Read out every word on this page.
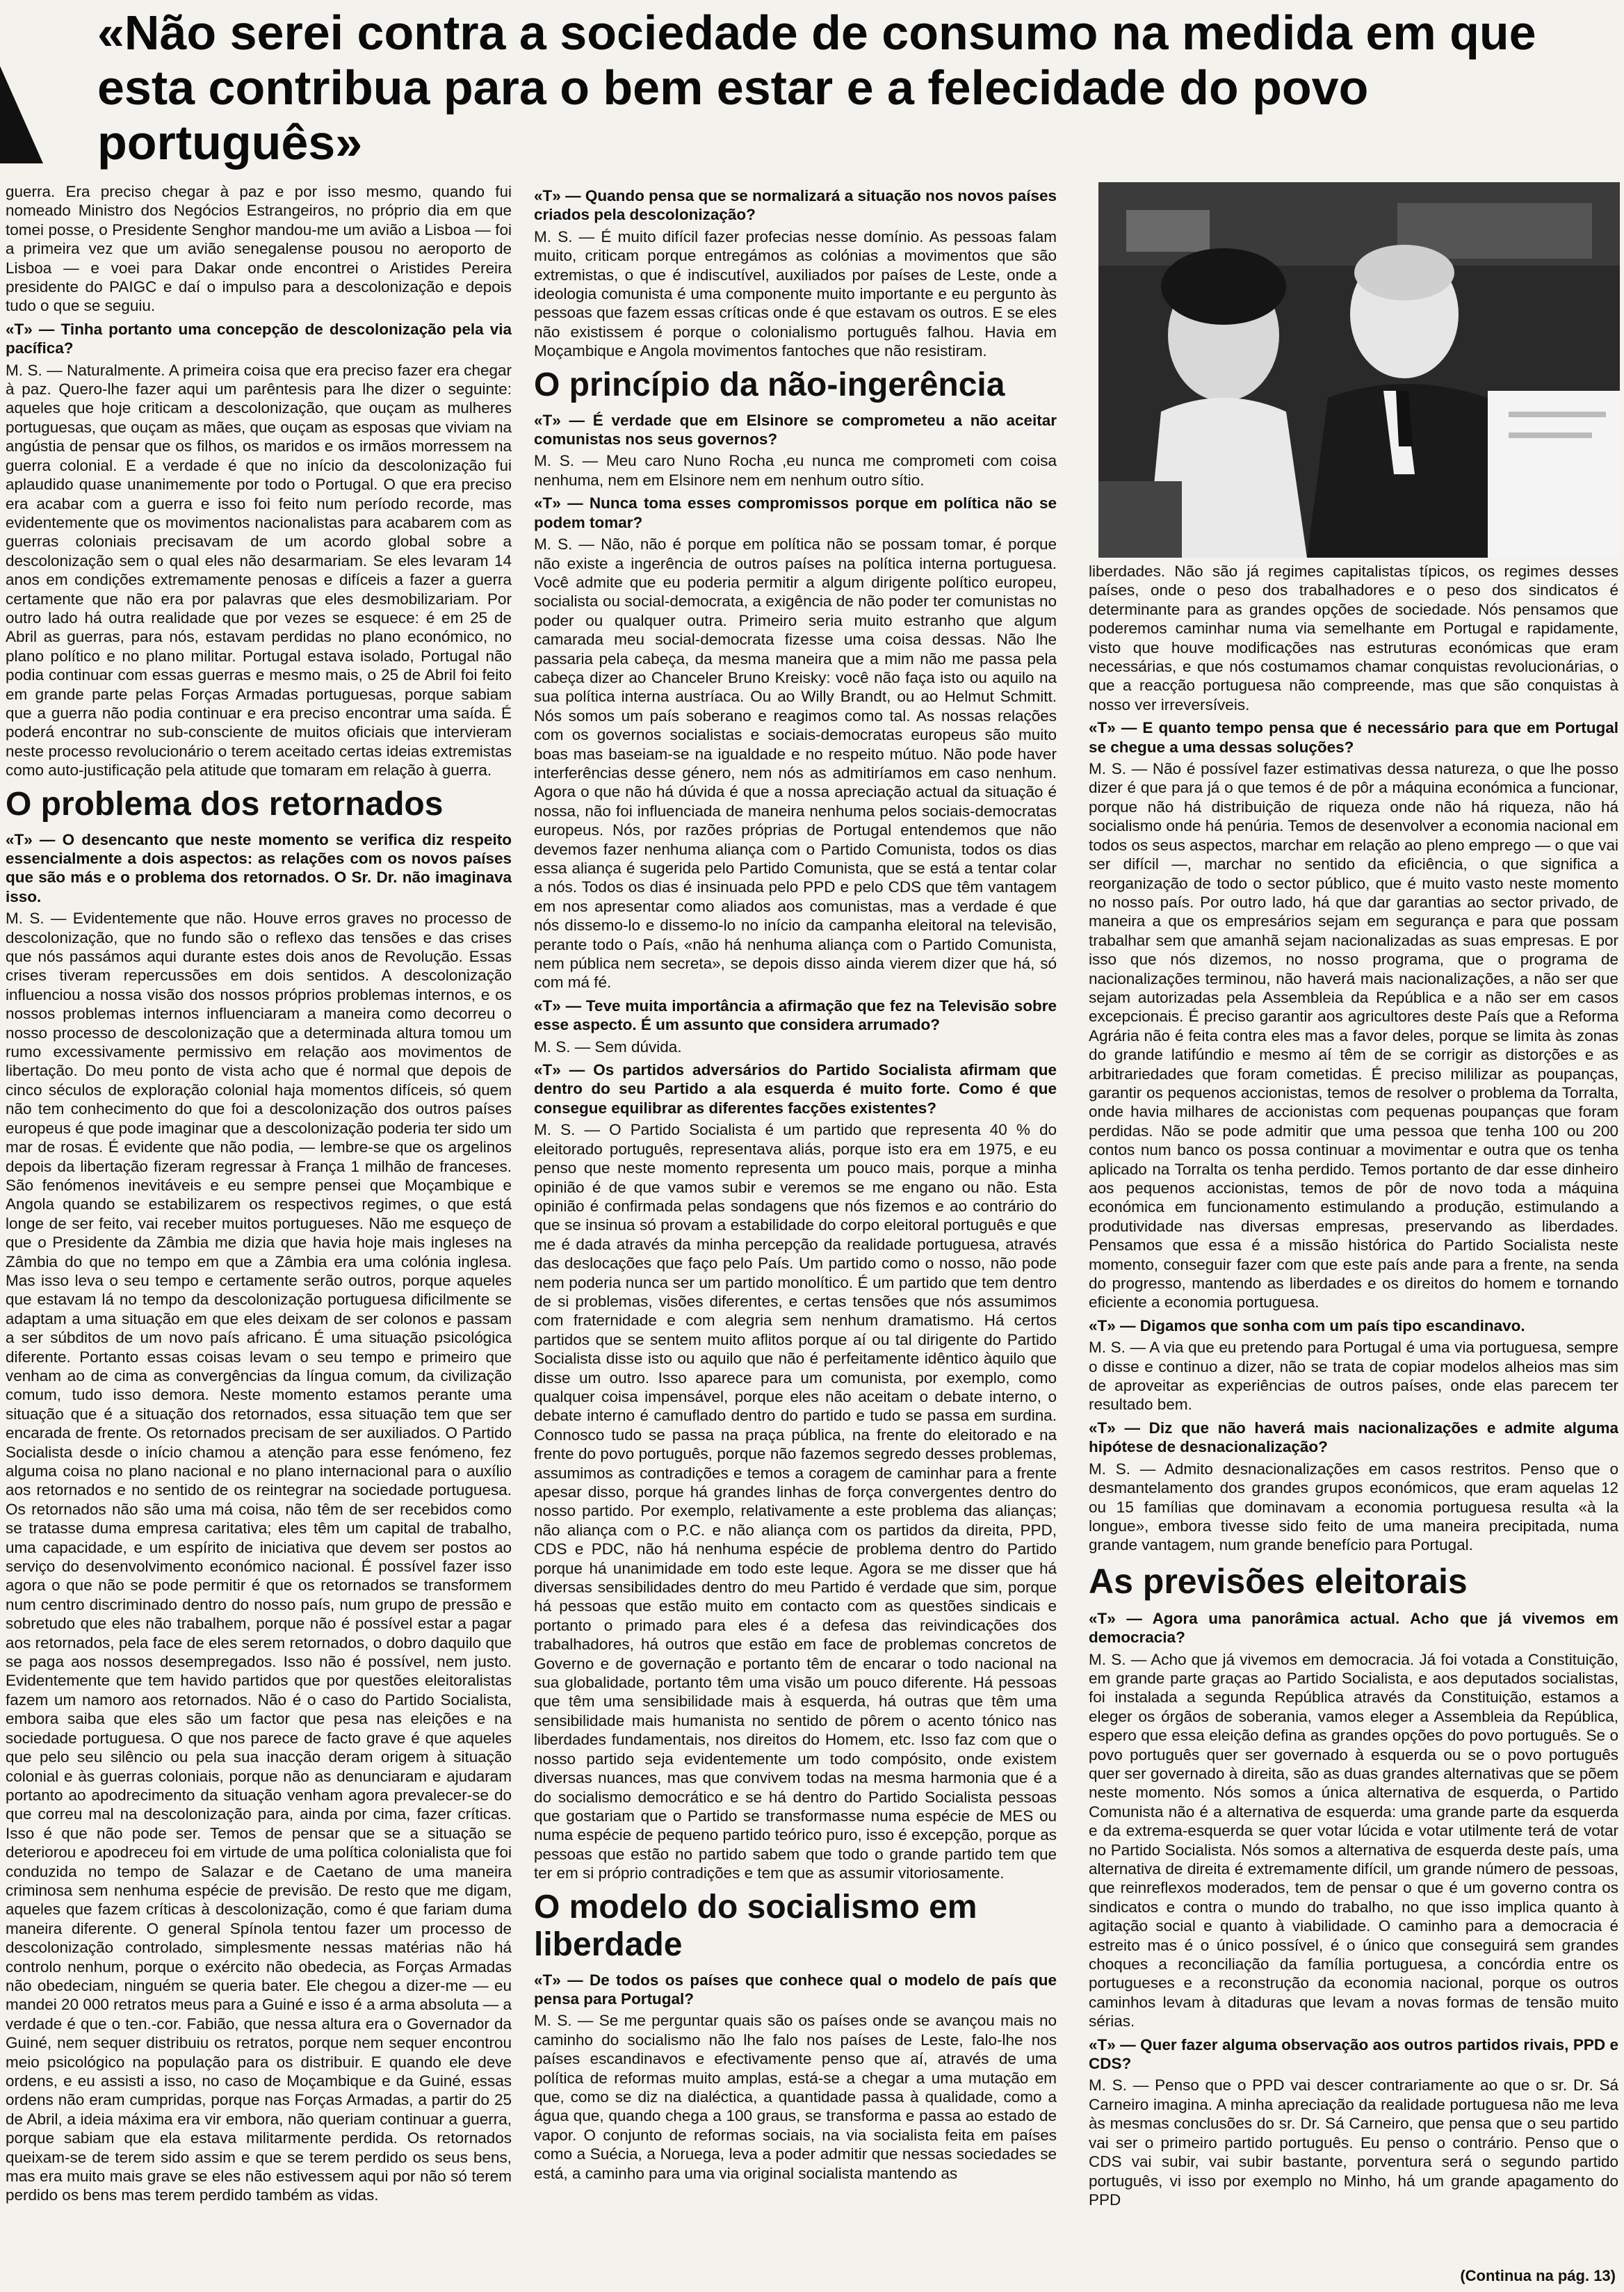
«Não serei contra a sociedade de consumo na medida em que esta contribua para o bem estar e a felecidade do povo português»

guerra. Era preciso chegar à paz e por isso mesmo, quando fui nomeado Ministro dos Negócios Estrangeiros, no próprio dia em que tomei posse, o Presidente Senghor mandou-me um avião a Lisboa — foi a primeira vez que um avião senegalense pousou no aeroporto de Lisboa — e voei para Dakar onde encontrei o Aristides Pereira presidente do PAIGC e daí o impulso para a descolonização e depois tudo o que se seguiu.

«T» — Tinha portanto uma concepção de descolonização pela via pacífica?

M. S. — Naturalmente. A primeira coisa que era preciso fazer era chegar à paz. Quero-lhe fazer aqui um parêntesis para lhe dizer o seguinte: aqueles que hoje criticam a descolonização, que ouçam as mulheres portuguesas, que ouçam as mães, que ouçam as esposas que viviam na angústia de pensar que os filhos, os maridos e os irmãos morressem na guerra colonial. E a verdade é que no início da descolonização fui aplaudido quase unanimemente por todo o Portugal. O que era preciso era acabar com a guerra e isso foi feito num período recorde, mas evidentemente que os movimentos nacionalistas para acabarem com as guerras coloniais precisavam de um acordo global sobre a descolonização sem o qual eles não desarmariam. Se eles levaram 14 anos em condições extremamente penosas e difíceis a fazer a guerra certamente que não era por palavras que eles desmobilizariam. Por outro lado há outra realidade que por vezes se esquece: é em 25 de Abril as guerras, para nós, estavam perdidas no plano económico, no plano político e no plano militar. Portugal estava isolado, Portugal não podia continuar com essas guerras e mesmo mais, o 25 de Abril foi feito em grande parte pelas Forças Armadas portuguesas, porque sabiam que a guerra não podia continuar e era preciso encontrar uma saída. É poderá encontrar no sub-consciente de muitos oficiais que intervieram neste processo revolucionário o terem aceitado certas ideias extremistas como auto-justificação pela atitude que tomaram em relação à guerra.

O problema dos retornados

«T» — O desencanto que neste momento se verifica diz respeito essencialmente a dois aspectos: as relações com os novos países que são más e o problema dos retornados. O Sr. Dr. não imaginava isso.

M. S. — Evidentemente que não. Houve erros graves no processo de descolonização, que no fundo são o reflexo das tensões e das crises que nós passámos aqui durante estes dois anos de Revolução. Essas crises tiveram repercussões em dois sentidos. A descolonização influenciou a nossa visão dos nossos próprios problemas internos, e os nossos problemas internos influenciaram a maneira como decorreu o nosso processo de descolonização que a determinada altura tomou um rumo excessivamente permissivo em relação aos movimentos de libertação. Do meu ponto de vista acho que é normal que depois de cinco séculos de exploração colonial haja momentos difíceis, só quem não tem conhecimento do que foi a descolonização dos outros países europeus é que pode imaginar que a descolonização poderia ter sido um mar de rosas. É evidente que não podia, — lembre-se que os argelinos depois da libertação fizeram regressar à França 1 milhão de franceses. São fenómenos inevitáveis e eu sempre pensei que Moçambique e Angola quando se estabilizarem os respectivos regimes, o que está longe de ser feito, vai receber muitos portugueses. Não me esqueço de que o Presidente da Zâmbia me dizia que havia hoje mais ingleses na Zâmbia do que no tempo em que a Zâmbia era uma colónia inglesa. Mas isso leva o seu tempo e certamente serão outros, porque aqueles que estavam lá no tempo da descolonização portuguesa dificilmente se adaptam a uma situação em que eles deixam de ser colonos e passam a ser súbditos de um novo país africano. É uma situação psicológica diferente. Portanto essas coisas levam o seu tempo e primeiro que venham ao de cima as convergências da língua comum, da civilização comum, tudo isso demora. Neste momento estamos perante uma situação que é a situação dos retornados, essa situação tem que ser encarada de frente. Os retornados precisam de ser auxiliados. O Partido Socialista desde o início chamou a atenção para esse fenómeno, fez alguma coisa no plano nacional e no plano internacional para o auxílio aos retornados e no sentido de os reintegrar na sociedade portuguesa. Os retornados não são uma má coisa, não têm de ser recebidos como se tratasse duma empresa caritativa; eles têm um capital de trabalho, uma capacidade, e um espírito de iniciativa que devem ser postos ao serviço do desenvolvimento económico nacional. É possível fazer isso agora o que não se pode permitir é que os retornados se transformem num centro discriminado dentro do nosso país, num grupo de pressão e sobretudo que eles não trabalhem, porque não é possível estar a pagar aos retornados, pela face de eles serem retornados, o dobro daquilo que se paga aos nossos desempregados. Isso não é possível, nem justo. Evidentemente que tem havido partidos que por questões eleitoralistas fazem um namoro aos retornados. Não é o caso do Partido Socialista, embora saiba que eles são um factor que pesa nas eleições e na sociedade portuguesa. O que nos parece de facto grave é que aqueles que pelo seu silêncio ou pela sua inacção deram origem à situação colonial e às guerras coloniais, porque não as denunciaram e ajudaram portanto ao apodrecimento da situação venham agora prevalecer-se do que correu mal na descolonização para, ainda por cima, fazer críticas. Isso é que não pode ser. Temos de pensar que se a situação se deteriorou e apodreceu foi em virtude de uma política colonialista que foi conduzida no tempo de Salazar e de Caetano de uma maneira criminosa sem nenhuma espécie de previsão. De resto que me digam, aqueles que fazem críticas à descolonização, como é que fariam duma maneira diferente. O general Spínola tentou fazer um processo de descolonização controlado, simplesmente nessas matérias não há controlo nenhum, porque o exército não obedecia, as Forças Armadas não obedeciam, ninguém se queria bater. Ele chegou a dizer-me — eu mandei 20 000 retratos meus para a Guiné e isso é a arma absoluta — a verdade é que o ten.-cor. Fabião, que nessa altura era o Governador da Guiné, nem sequer distribuiu os retratos, porque nem sequer encontrou meio psicológico na população para os distribuir. E quando ele deve ordens, e eu assisti a isso, no caso de Moçambique e da Guiné, essas ordens não eram cumpridas, porque nas Forças Armadas, a partir do 25 de Abril, a ideia máxima era vir embora, não queriam continuar a guerra, porque sabiam que ela estava militarmente perdida. Os retornados queixam-se de terem sido assim e que se terem perdido os seus bens, mas era muito mais grave se eles não estivessem aqui por não só terem perdido os bens mas terem perdido também as vidas.

«T» — Quando pensa que se normalizará a situação nos novos países criados pela descolonização?

M. S. — É muito difícil fazer profecias nesse domínio. As pessoas falam muito, criticam porque entregámos as colónias a movimentos que são extremistas, o que é indiscutível, auxiliados por países de Leste, onde a ideologia comunista é uma componente muito importante e eu pergunto às pessoas que fazem essas críticas onde é que estavam os outros. E se eles não existissem é porque o colonialismo português falhou. Havia em Moçambique e Angola movimentos fantoches que não resistiram.

O princípio da não-ingerência

«T» — É verdade que em Elsinore se comprometeu a não aceitar comunistas nos seus governos?

M. S. — Meu caro Nuno Rocha ,eu nunca me comprometi com coisa nenhuma, nem em Elsinore nem em nenhum outro sítio.

«T» — Nunca toma esses compromissos porque em política não se podem tomar?

M. S. — Não, não é porque em política não se possam tomar, é porque não existe a ingerência de outros países na política interna portuguesa. Você admite que eu poderia permitir a algum dirigente político europeu, socialista ou social-democrata, a exigência de não poder ter comunistas no poder ou qualquer outra. Primeiro seria muito estranho que algum camarada meu social-democrata fizesse uma coisa dessas. Não lhe passaria pela cabeça, da mesma maneira que a mim não me passa pela cabeça dizer ao Chanceler Bruno Kreisky: você não faça isto ou aquilo na sua política interna austríaca. Ou ao Willy Brandt, ou ao Helmut Schmitt. Nós somos um país soberano e reagimos como tal. As nossas relações com os governos socialistas e sociais-democratas europeus são muito boas mas baseiam-se na igualdade e no respeito mútuo. Não pode haver interferências desse género, nem nós as admitiríamos em caso nenhum. Agora o que não há dúvida é que a nossa apreciação actual da situação é nossa, não foi influenciada de maneira nenhuma pelos sociais-democratas europeus. Nós, por razões próprias de Portugal entendemos que não devemos fazer nenhuma aliança com o Partido Comunista, todos os dias essa aliança é sugerida pelo Partido Comunista, que se está a tentar colar a nós. Todos os dias é insinuada pelo PPD e pelo CDS que têm vantagem em nos apresentar como aliados aos comunistas, mas a verdade é que nós dissemo-lo e dissemo-lo no início da campanha eleitoral na televisão, perante todo o País, «não há nenhuma aliança com o Partido Comunista, nem pública nem secreta», se depois disso ainda vierem dizer que há, só com má fé.

«T» — Teve muita importância a afirmação que fez na Televisão sobre esse aspecto. É um assunto que considera arrumado?

M. S. — Sem dúvida.

«T» — Os partidos adversários do Partido Socialista afirmam que dentro do seu Partido a ala esquerda é muito forte. Como é que consegue equilibrar as diferentes facções existentes?

M. S. — O Partido Socialista é um partido que representa 40 % do eleitorado português, representava aliás, porque isto era em 1975, e eu penso que neste momento representa um pouco mais, porque a minha opinião é de que vamos subir e veremos se me engano ou não. Esta opinião é confirmada pelas sondagens que nós fizemos e ao contrário do que se insinua só provam a estabilidade do corpo eleitoral português e que me é dada através da minha percepção da realidade portuguesa, através das deslocações que faço pelo País. Um partido como o nosso, não pode nem poderia nunca ser um partido monolítico. É um partido que tem dentro de si problemas, visões diferentes, e certas tensões que nós assumimos com fraternidade e com alegria sem nenhum dramatismo. Há certos partidos que se sentem muito aflitos porque aí ou tal dirigente do Partido Socialista disse isto ou aquilo que não é perfeitamente idêntico àquilo que disse um outro. Isso aparece para um comunista, por exemplo, como qualquer coisa impensável, porque eles não aceitam o debate interno, o debate interno é camuflado dentro do partido e tudo se passa em surdina. Connosco tudo se passa na praça pública, na frente do eleitorado e na frente do povo português, porque não fazemos segredo desses problemas, assumimos as contradições e temos a coragem de caminhar para a frente apesar disso, porque há grandes linhas de força convergentes dentro do nosso partido. Por exemplo, relativamente a este problema das alianças; não aliança com o P.C. e não aliança com os partidos da direita, PPD, CDS e PDC, não há nenhuma espécie de problema dentro do Partido porque há unanimidade em todo este leque. Agora se me disser que há diversas sensibilidades dentro do meu Partido é verdade que sim, porque há pessoas que estão muito em contacto com as questões sindicais e portanto o primado para eles é a defesa das reivindicações dos trabalhadores, há outros que estão em face de problemas concretos de Governo e de governação e portanto têm de encarar o todo nacional na sua globalidade, portanto têm uma visão um pouco diferente. Há pessoas que têm uma sensibilidade mais à esquerda, há outras que têm uma sensibilidade mais humanista no sentido de pôrem o acento tónico nas liberdades fundamentais, nos direitos do Homem, etc. Isso faz com que o nosso partido seja evidentemente um todo compósito, onde existem diversas nuances, mas que convivem todas na mesma harmonia que é a do socialismo democrático e se há dentro do Partido Socialista pessoas que gostariam que o Partido se transformasse numa espécie de MES ou numa espécie de pequeno partido teórico puro, isso é excepção, porque as pessoas que estão no partido sabem que todo o grande partido tem que ter em si próprio contradições e tem que as assumir vitoriosamente.

O modelo do socialismo em liberdade

«T» — De todos os países que conhece qual o modelo de país que pensa para Portugal?

M. S. — Se me perguntar quais são os países onde se avançou mais no caminho do socialismo não lhe falo nos países de Leste, falo-lhe nos países escandinavos e efectivamente penso que aí, através de uma política de reformas muito amplas, está-se a chegar a uma mutação em que, como se diz na dialéctica, a quantidade passa à qualidade, como a água que, quando chega a 100 graus, se transforma e passa ao estado de vapor. O conjunto de reformas sociais, na via socialista feita em países como a Suécia, a Noruega, leva a poder admitir que nessas sociedades se está, a caminho para uma via original socialista mantendo as

liberdades. Não são já regimes capitalistas típicos, os regimes desses países, onde o peso dos trabalhadores e o peso dos sindicatos é determinante para as grandes opções de sociedade. Nós pensamos que poderemos caminhar numa via semelhante em Portugal e rapidamente, visto que houve modificações nas estruturas económicas que eram necessárias, e que nós costumamos chamar conquistas revolucionárias, o que a reacção portuguesa não compreende, mas que são conquistas à nosso ver irreversíveis.

«T» — E quanto tempo pensa que é necessário para que em Portugal se chegue a uma dessas soluções?

M. S. — Não é possível fazer estimativas dessa natureza, o que lhe posso dizer é que para já o que temos é de pôr a máquina económica a funcionar, porque não há distribuição de riqueza onde não há riqueza, não há socialismo onde há penúria. Temos de desenvolver a economia nacional em todos os seus aspectos, marchar em relação ao pleno emprego — o que vai ser difícil —, marchar no sentido da eficiência, o que significa a reorganização de todo o sector público, que é muito vasto neste momento no nosso país. Por outro lado, há que dar garantias ao sector privado, de maneira a que os empresários sejam em segurança e para que possam trabalhar sem que amanhã sejam nacionalizadas as suas empresas. E por isso que nós dizemos, no nosso programa, que o programa de nacionalizações terminou, não haverá mais nacionalizações, a não ser que sejam autorizadas pela Assembleia da República e a não ser em casos excepcionais. É preciso garantir aos agricultores deste País que a Reforma Agrária não é feita contra eles mas a favor deles, porque se limita às zonas do grande latifúndio e mesmo aí têm de se corrigir as distorções e as arbitrariedades que foram cometidas. É preciso mililizar as poupanças, garantir os pequenos accionistas, temos de resolver o problema da Torralta, onde havia milhares de accionistas com pequenas poupanças que foram perdidas. Não se pode admitir que uma pessoa que tenha 100 ou 200 contos num banco os possa continuar a movimentar e outra que os tenha aplicado na Torralta os tenha perdido. Temos portanto de dar esse dinheiro aos pequenos accionistas, temos de pôr de novo toda a máquina económica em funcionamento estimulando a produção, estimulando a produtividade nas diversas empresas, preservando as liberdades. Pensamos que essa é a missão histórica do Partido Socialista neste momento, conseguir fazer com que este país ande para a frente, na senda do progresso, mantendo as liberdades e os direitos do homem e tornando eficiente a economia portuguesa.

«T» — Digamos que sonha com um país tipo escandinavo.

M. S. — A via que eu pretendo para Portugal é uma via portuguesa, sempre o disse e continuo a dizer, não se trata de copiar modelos alheios mas sim de aproveitar as experiências de outros países, onde elas parecem ter resultado bem.

«T» — Diz que não haverá mais nacionalizações e admite alguma hipótese de desnacionalização?

M. S. — Admito desnacionalizações em casos restritos. Penso que o desmantelamento dos grandes grupos económicos, que eram aquelas 12 ou 15 famílias que dominavam a economia portuguesa resulta «à la longue», embora tivesse sido feito de uma maneira precipitada, numa grande vantagem, num grande benefício para Portugal.

As previsões eleitorais

«T» — Agora uma panorâmica actual. Acho que já vivemos em democracia?

M. S. — Acho que já vivemos em democracia. Já foi votada a Constituição, em grande parte graças ao Partido Socialista, e aos deputados socialistas, foi instalada a segunda República através da Constituição, estamos a eleger os órgãos de soberania, vamos eleger a Assembleia da República, espero que essa eleição defina as grandes opções do povo português. Se o povo português quer ser governado à esquerda ou se o povo português quer ser governado à direita, são as duas grandes alternativas que se põem neste momento. Nós somos a única alternativa de esquerda, o Partido Comunista não é a alternativa de esquerda: uma grande parte da esquerda e da extrema-esquerda se quer votar lúcida e votar utilmente terá de votar no Partido Socialista. Nós somos a alternativa de esquerda deste país, uma alternativa de direita é extremamente difícil, um grande número de pessoas, que reinreflexos moderados, tem de pensar o que é um governo contra os sindicatos e contra o mundo do trabalho, no que isso implica quanto à agitação social e quanto à viabilidade. O caminho para a democracia é estreito mas é o único possível, é o único que conseguirá sem grandes choques a reconciliação da família portuguesa, a concórdia entre os portugueses e a reconstrução da economia nacional, porque os outros caminhos levam à ditaduras que levam a novas formas de tensão muito sérias.

«T» — Quer fazer alguma observação aos outros partidos rivais, PPD e CDS?

M. S. — Penso que o PPD vai descer contrariamente ao que o sr. Dr. Sá Carneiro imagina. A minha apreciação da realidade portuguesa não me leva às mesmas conclusões do sr. Dr. Sá Carneiro, que pensa que o seu partido vai ser o primeiro partido português. Eu penso o contrário. Penso que o CDS vai subir, vai subir bastante, porventura será o segundo partido português, vi isso por exemplo no Minho, há um grande apagamento do PPD

(Continua na pág. 13)
